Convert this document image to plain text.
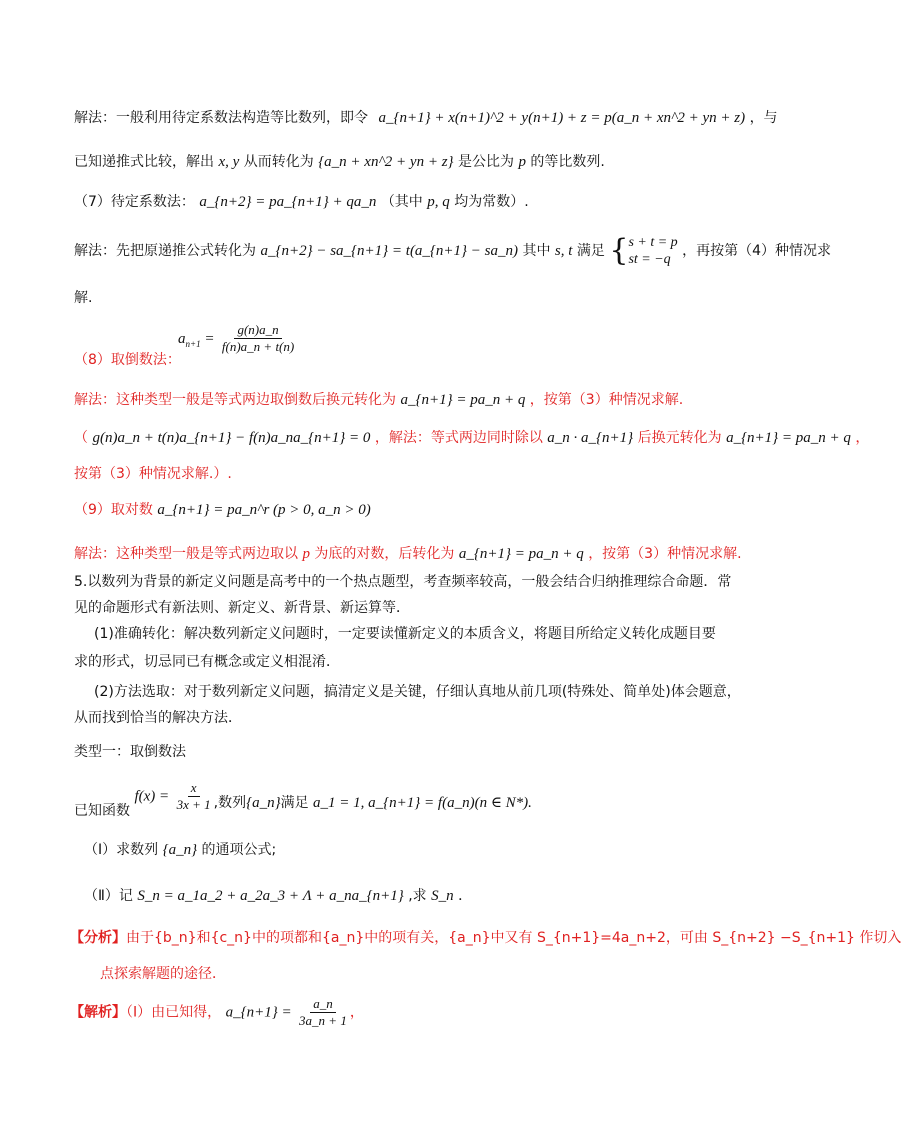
解法：一般利用待定系数法构造等比数列，即令 a_{n+1} + x(n+1)^2 + y(n+1) + z = p(a_n + xn^2 + yn + z) ，与
已知递推式比较，解出 x, y 从而转化为 {a_n + xn^2 + yn + z} 是公比为 p 的等比数列.
（7）待定系数法： a_{n+2} = pa_{n+1} + qa_n （其中 p, q 均为常数）.
解法：先把原递推公式转化为 a_{n+2} − sa_{n+1} = t(a_{n+1} − sa_n) 其中 s, t 满足 { s + t = p
st = −q
，再按第（4）种情况求
解.
$a_{n+1} = \frac{g(n)a\_n}{f(n)a\_n + t(n)}$
（8）取倒数法：
解法：这种类型一般是等式两边取倒数后换元转化为 a_{n+1} = pa_n + q ，按第（3）种情况求解.
（ g(n)a_n + t(n)a_{n+1} − f(n)a_na_{n+1} = 0 ，解法：等式两边同时除以 a_n · a_{n+1} 后换元转化为 a_{n+1} = pa_n + q ，
按第（3）种情况求解.）.
（9）取对数 a_{n+1} = pa_n^r (p > 0, a_n > 0)
解法：这种类型一般是等式两边取以 p 为底的对数，后转化为 a_{n+1} = pa_n + q ，按第（3）种情况求解.
5.以数列为背景的新定义问题是高考中的一个热点题型，考查频率较高，一般会结合归纳推理综合命题．常
见的命题形式有新法则、新定义、新背景、新运算等．
(1)准确转化：解决数列新定义问题时，一定要读懂新定义的本质含义，将题目所给定义转化成题目要
求的形式，切忌同已有概念或定义相混淆．
(2)方法选取：对于数列新定义问题，搞清定义是关键，仔细认真地从前几项(特殊处、简单处)体会题意，
从而找到恰当的解决方法．
类型一：取倒数法
已知函数 $f(x) = \frac{x}{3x + 1}$ ,数列{a_n}满足 a_1 = 1, a_{n+1} = f(a_n)(n ∈ N*).
（Ⅰ）求数列 {a_n} 的通项公式;
（Ⅱ）记 S_n = a_1a_2 + a_2a_3 + Λ + a_na_{n+1} ,求 S_n ．
【分析】由于{b_n}和{c_n}中的项都和{a_n}中的项有关，{a_n}中又有 S_{n+1}=4a_n+2，可由 S_{n+2} −S_{n+1} 作切入
点探索解题的途径．
【解析】（Ⅰ）由已知得， a_{n+1} = $\frac{a\_n}{3a\_n + 1}$ ，
